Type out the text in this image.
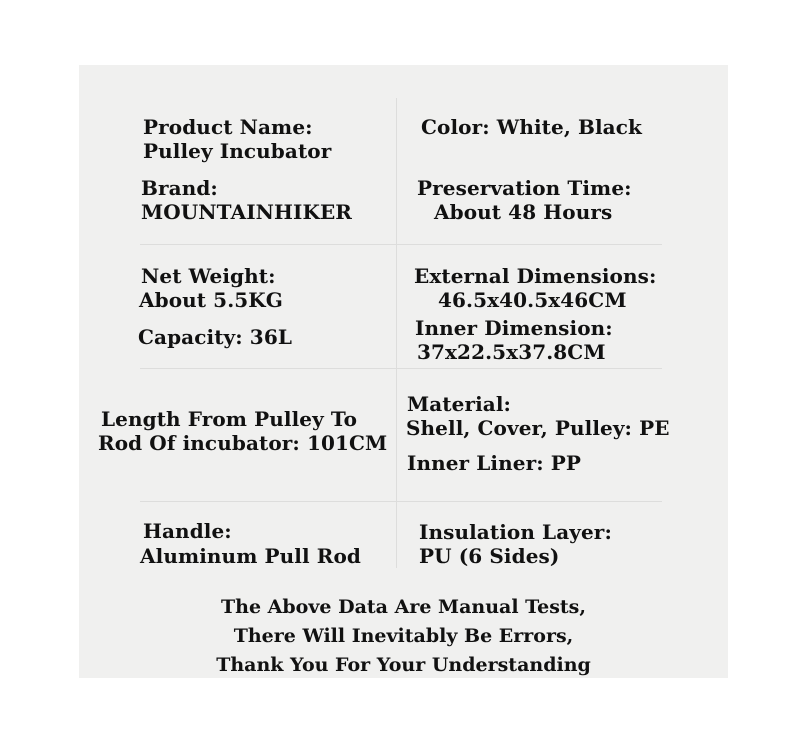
Product Name:
Pulley Incubator
Color: White, Black
Brand:
MOUNTAINHIKER
Preservation Time:
About 48 Hours
Net Weight:
About 5.5KG
External Dimensions:
46.5x40.5x46CM
Capacity: 36L	Inner Dimension:
37x22.5x37.8CM
Length From Pulley To
Rod Of incubator: 101CM
Material:
Shell, Cover, Pulley: PE
Inner Liner: PP
Handle:
Aluminum Pull Rod
Insulation Layer:
PU (6 Sides)
The Above Data Are Manual Tests,
There Will Inevitably Be Errors,
Thank You For Your Understanding
